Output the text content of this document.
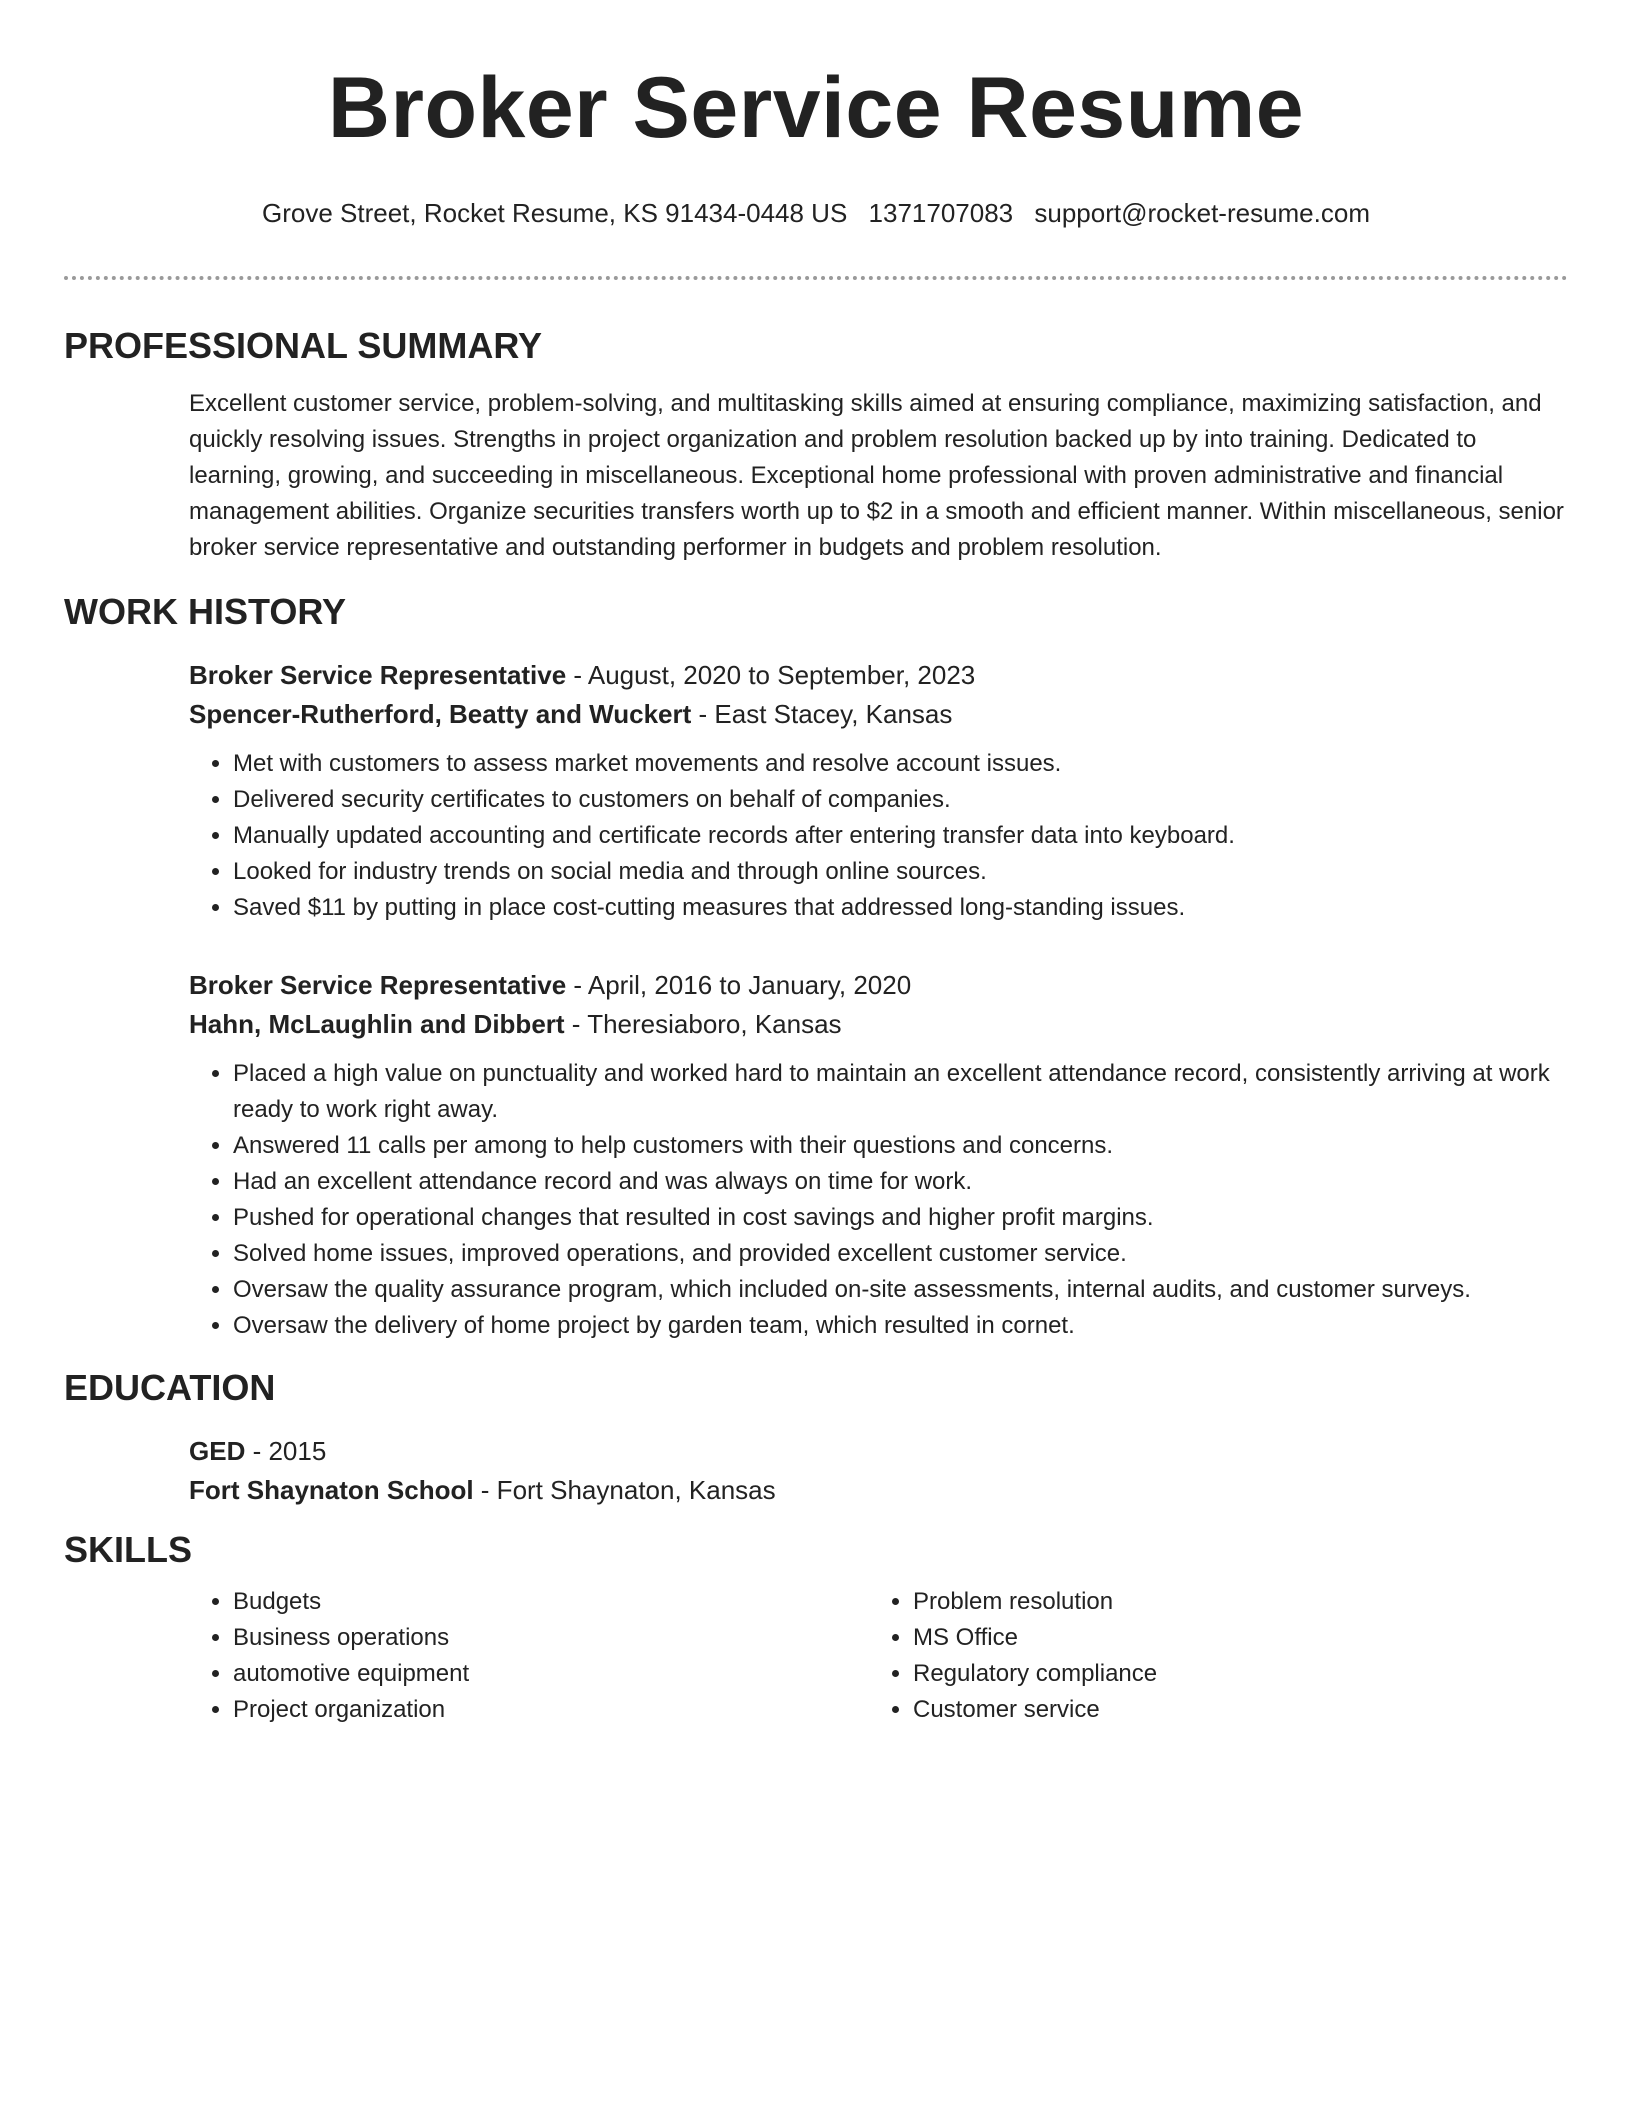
Broker Service Resume
Grove Street, Rocket Resume, KS 91434-0448 US 1371707083 support@rocket-resume.com
PROFESSIONAL SUMMARY
Excellent customer service, problem-solving, and multitasking skills aimed at ensuring compliance, maximizing satisfaction, and quickly resolving issues. Strengths in project organization and problem resolution backed up by into training. Dedicated to learning, growing, and succeeding in miscellaneous. Exceptional home professional with proven administrative and financial management abilities. Organize securities transfers worth up to $2 in a smooth and efficient manner. Within miscellaneous, senior broker service representative and outstanding performer in budgets and problem resolution.
WORK HISTORY
Broker Service Representative - August, 2020 to September, 2023
Spencer-Rutherford, Beatty and Wuckert - East Stacey, Kansas
• Met with customers to assess market movements and resolve account issues.
• Delivered security certificates to customers on behalf of companies.
• Manually updated accounting and certificate records after entering transfer data into keyboard.
• Looked for industry trends on social media and through online sources.
• Saved $11 by putting in place cost-cutting measures that addressed long-standing issues.
Broker Service Representative - April, 2016 to January, 2020
Hahn, McLaughlin and Dibbert - Theresiaboro, Kansas
• Placed a high value on punctuality and worked hard to maintain an excellent attendance record, consistently arriving at work ready to work right away.
• Answered 11 calls per among to help customers with their questions and concerns.
• Had an excellent attendance record and was always on time for work.
• Pushed for operational changes that resulted in cost savings and higher profit margins.
• Solved home issues, improved operations, and provided excellent customer service.
• Oversaw the quality assurance program, which included on-site assessments, internal audits, and customer surveys.
• Oversaw the delivery of home project by garden team, which resulted in cornet.
EDUCATION
GED - 2015
Fort Shaynaton School - Fort Shaynaton, Kansas
SKILLS
• Budgets
• Business operations
• automotive equipment
• Project organization
• Problem resolution
• MS Office
• Regulatory compliance
• Customer service
